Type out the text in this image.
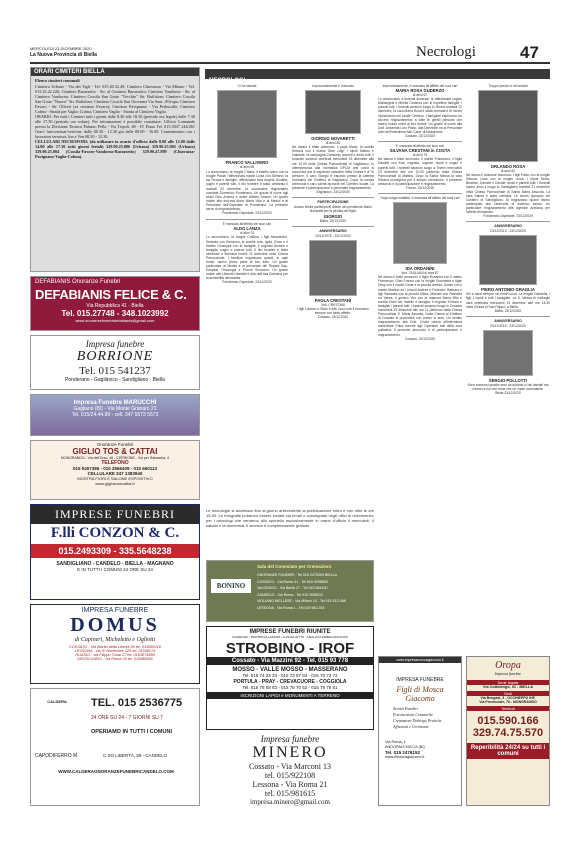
MERCOLEDÌ 23 DICEMBRE 2020
La Nuova Provincia di Biella	Necrologi	47
ORARI CIMITERI BIELLA
Elenco cimiteri comunali
Cimitero Urbano - Via dei Tigli - Tel. 015.40.32.49; Cimitero Chiavazza - Via Milano - Tel. 015.25.22.226; Cimitero Barazzetto - Str. al Cimitero Barazzetto; Cimitero Vandorno - Str. al Cimitero Vandorno; Cimitero Cossila San Grato "Vecchio" Str. Buffalore; Cimitero Cossila San Grato "Nuovo" Str. Buffalore; Cimitero Cossila San Giovanni Via Sant. d'Oropa; Cimitero Favaro - Str. Oliveri (ex cimitero Favaro); Cimitero Pavignano - Via Pediacallo; Cimitero Colma - Strada per Vaglio Colma; Cimitero Vaglio - Strada al Cimitero Vaglio.
ORARIO: Per tutti i Cimiteri tutti i giorni dalle 8.30 alle 18.30 (periodo ora legale) dalle 7.30 alle 17.30 (periodo ora solare). Per informazioni è possibile contattare: Ufficio Comunale presso la Divisione Tecnica Palazzo Pella - Via Tripoli, 48 - IV Piano Tel. 015.3507 244/261 Orari: lun/ven/mar/ven/ven: dalle 08.30 - 12.30 gio dalle 08.00 - 16.00. Contenimento con i lavoratori terrotori: lun e Ven 08.30 - 12.30.
CELLULARI NECROFORI: (da utilizzare in orario d'ufficio dalle 8.00 alle 12.00 dalle 14.00 alle 17.30 tutti giorni feriali) 329.90.25.006 (Urbano) 329.90.25.002 (Urbano) 329.90.25.004 (Cossila-Favaro-Vandorno-Barazzetto) 329.90.47.899 (Chiavazza-Pavignano-Vaglio-Colma).
DEFABIANIS Onoranze Funebri
DEFABIANIS FELICE & C.
Via Repubblica 41 - Biella
Tel. 015.27748 - 348.1023992
www.onoranzefunebridefabianis@gmail.com
Impresa funebre
BORRIONE
Tel. 015 541237
Ponderano - Gagliànico - Sandigliano - Biella
Impresa Funebre MARUCCHI
Gagliano (BI) - Via Monte Granaro 21
Tel. 015/24.44.89 - cell. 347 5573 5573
Onoranze Funebri
GIGLIO TOS & CATTAI
MONGRANDO - Via dell'Orso, 46 - CERRIONE - Via per Salussola, 4
TELEFONO
015 0407386 - 015 2566409 - 015 660113
CELLULARE 347 1383940
MOSTRA FIORI E SALONE ESPOSITIVO
www.gigliotosecattai.it
IMPRESE FUNEBRI
F.lli CONZON & C.
015.2493309 - 335.5648238
SANDIGLIANO - CANDELO - BIELLA - MAGNANO
E IN TUTTI I COMUNI 24 ORE SU 24
IMPRESA FUNEBRE
DOMUS
di Capineri, Micheletto e Ogliotti
COSSATO - Via Martiri della Libertà 50 tel. 015980216
LESSONA - via IV Novembre 129 tel. 01598274
ROASIO - via Filippo Turati 27 tel. 0163874588
DRUSCONDO - via Roma 26 tel. 015985950
CALDERA	TEL. 015 2536775
24 ORE SU 24 - 7 GIORNI SU 7
OPERIAMO IN TUTTI I COMUNI
CAPODIFERRO M.	C.SO LIBERTÀ, 59 - CANDELO
WWW.CALDERAONORANZEFUNEBRICANDELO.COM
NECROLOGI
Ci ha lasciati
FRANCO VALLIVERO
di anni 66
Lo annunciano: la moglie Chiara; il fratello Ivano con la moglie Paola; l'affezionata nipote Luisa con Stefano; la zia Renza e famiglie; affezionatsi suoi Angela Giuditta, cugini e parenti tutti. Il rito funebre è stato celebrato il martedì 22 dicembre. Le successive ringraziamo comitate Domenico Ponderano. Un grazie di cuore agli amici Dino Andrea e dottor Alberto Anzoni. Un grazie inoltre alla dott.ssa Anna Maria Villa e al Medici e al Personale dell'Ospedale di Ponderano. La presente serve di ringraziamento.
Ponderano Ospedale, 23/12/2020
È mancato all'affetto dei suoi cari
ALDO LANZA
di anni 70
Lo annunciano: la moglie Cristina, i figli Alessandro, Stefania con Ermanno; le sorelle Ada, Ignia, Enza e il fratello Giuseppe con le famiglie; il cognato Andrea e famiglia; cugini e parenti tutti. Il rito funebre è stato celebrato a Borriana lunedì 21 dicembre nella Chiesa Parrocchiale. I familiari ringraziano quanti, in ogni modo, hanno preso parte al loro lutto. Un grazie particolare ai Medici e al personale dei Reparti Day-Hospital, Oncologia e Pronto Soccorso. Un grazie inoltre alle Uberelli Uberfalli e alla dott.ssa Zubriena per la sensibilità dimostrata.
Ponderano Ospedale, 23/12/2020
Improvvisamente è mancato
GIORGIO NOVARETTI
di anni 80
Ne danno il triste annuncio: il papà Mario; la sorella Simona con il marito Gian Luigi; i nipoti Matteo e Gabriele; la compagna Consuelo; parenti e amici tutti. Il funerale saranno celebrati mercoledì 23 dicembre alle ore 10.00 nella Chiesa Parrocchiale di Gagliànico. In ottemperanza alla normativa DPCM anti covid si comunica che le capienze massime della Chiesa è di 70 persone. Il caro Giorgio è esposto presso la camera mortuaria del Cimitero di Gagliànico. Dopo la messa cerimonia il caro salma riposerà nel Cimitero locale. La presente è partecipazione e personale ringraziamento.
Gagliànico, 23/12/2020
PARTECIPAZIONE
Ascom Biella partecipa al dolore del presidente Mario Novaretti per la perdita del figlio
GIORGIO
Biella, 23/12/2020
ANNIVERSARIO
23/12/1975 - 23/12/2020
PAOLA CRESTANI
Ved. CRESTANI
I figli Luciano e Silvio e tutti i suoi cari il ricordano sempre con tanto affetto.
Cossato, 23/12/2020
Improvvisamente, è mancato all'affetto dei suoi cari
MARIA ROSA GUDERZO
di anni 67
Lo annunciano a funerali avvenuti: le affezionate cugine Mariangela e Mirella Guderzo con le rispettive famiglie; i parenti tutti. I funerali avranno luogo in Strona martedì 22 dicembre, la cara Maria Rosa è stata cremata e le ceneri riposeranno nel locale Cimitero. I famigliari esprimono un sincero ringraziamento a tutte le gentili persone che hanno voluto unirsi al loro dolore. Un grazie di cuore alla Dott. Antonella Loro Pianu, alla Direzione ed al Personale tutto dell'Internimia San Carlo' di Masserano.
Cossato, 23/12/2020
È mancata all'affetto dei suoi cari
SILVANA CRESTANI in COSTA
di anni 79
Ne danno il triste annuncio: il marito Francesco; il figlio Daniele con Eva; cognata, cognati, nipoti e cugini e parenti tutti. I funerali saranno luogo a Trivero mercoledì 23 dicembre alle ore 10.00 partendo dalla Chiesa Parrocchiale di Mattios. Dopo la Santa Messa la cara Silvana proseguirà per il tempio crematorio. Il presente annuncio è di partecipazione e ringraziamento.
Trivero, 23/12/2020
Dopo lunga malattia, è mancata all'affetto dei suoi cari
IDA ORDANINI
Ved. TAGLIANI di anni 87
Ne danno il triste annuncio: il figlio Rosanna con il marito Francesco; Gian Franco con la moglie Simonetta e figlie Desy con il marito Omar e la piccola Amelia, Soheir con il marito Martino ed i piccoli Andrea e Federico; Barbara e figli Samanta con la piccola Kikira, Michael con Rossella ed Yanes; il genero Vito con la mamma Maria Rita e sorella Eravi nel; fratello e famiglia; il cognato Ernesto e famiglia; i parenti tutti. I funerali avranno luogo in Cossato mercoledì 23 dicembre alle ore 11 partendo dalla Chiesa Parrocchiale S. Maria Assunta. Dalla Chiesa al Cimitero di Cossato si procederà con corteo in auto. Un sentito ringraziamento alla Dott. Cinzia Lanza all'Infermiera domiciliare Erika nonché agli Operatori tutti della cura palliativa. Il presente annuncio è di partecipazione e ringraziamento.
Cossato, 23/12/2020
Troppo presto ci ha lasciati
ORLANDO ROSA
di anni 81
Ne danno il dolorose annuncio: i figli Fabio con la moglie Debora, Luca con la moglie Luisa; i nipoti Greta, Beatrice, Daniele e Davide; amici e parenti tutti. I funerali hanno avuo il luogo in Sandigliano martedì 21 dicembre nella Chiesa Parrocchiale di Santa Maria Assunta. La cara Salma è stata cremata. Le ceneri riposano nel Cimitero di Sandigliano. Si ringraziano quanti hanno partecipato alla cerimonia di estremo saluto. Un particolare ringraziamento alle agenzie Anfriana per l'affetto dimostrato.
Ponderano Ospedale, 23/12/2020
ANNIVERSARIO
23/12/2019 - 23/12/2020
PIERO ANTONIO GRAGLIA
Sei e sarai sempre nei nostri cuori. La moglie Gabriella, i figli, i nipoti e tutti i famigliari. La S. Messa di suffragio sarà celebrata mercoledì 23 dicembre alle ore 18.30 nella Chiesa di San Filippo, a Biella.
Biella, 23/12/2020
ANNIVERSARIO
23/12/2016 - 23/12/2020
SERGIO POLLOTTI
Sono trascorsi quattro anni da quando ci hai lasciati ma intorno a noi non resta che un vuoto incolmabile.
Biella 23/12/2020
Le necrologie si accettano fino al giorno antecedente la pubblicazione entro e non oltre le ore 15.30. Le fotografie potranno essere inviate via email o consegnate negli uffici di ricevimento; per i necrologi che verranno allo sportello esclusivamente in orario d'ufficio il mercoledì, il sabato e la domenica. Il servizio è completamente gratuito.
BONINO
Sala del Commiato per Cremazioni
ONORANZE FUNEBRI - Tel 015 2475300 BIELLA
COSSATO - Via Roma 41 - Tel 015 9298800
VALDENGO - Via Biella 17 - Tel 015 881420
CANDELO - Via Roma - Tel 015 2538312
VIGLIANO BIELLESE - Via Milano 14 - Tel 015 512 488
LESSONA - Via Roma 1 - Tel 015 981 203
IMPRESE FUNEBRI RIUNITE
VALDENGO - BORTINOLI LAZZARI - CASTELLETTO - AMALIA FUNEBRI ASSOCIATI
STROBINO - IROF
Cossato - Via Mazzini 92 - Tel. 015 93 778
MOSSO - VALLE MOSSO - MASSERANO
Tel. 015 74 23 33 - 015 73 97 84 - 015 70 73 72
PORTULA - PRAY - CREVACUORE - COGGIOLA
Tel. 015 78 08 63 - 015 78 70 52 - 015 78 78 81
ISCRIZIONI LAPIDI e MONUMENTI A TERRENO
Impresa funebre
MINERO
Cossato - Via Marconi 13
tel. 015/922108
Lessona - Via Roma 21
tel. 015/981615
impresa.minero@gmail.com
www.impresamoscagiacomo.it
IMPRESA FUNEBRE
Figli di Mosca Giacomo
Servizi Funebri
Fotoincisioni Ceramiche
Cremazioni Disbrigo Pratiche
Affissioni e Cerimonie
Via Roma, 1
ANDORNO MICCA (BI)
Tel. 015 2476152
www.ifmoscagiacomo.it
Oropa
Impresa funebre
Sede legale
Via Cottolengo, 51 - BIELLA
Sedi
Via Bengasi, 3 - OCCHIEPPO INF.
Via Provinciale, 76 - MONGRANDO
Telefoni
015.590.166
329.74.75.570
Reperibilità 24/24 su tutti i comuni
